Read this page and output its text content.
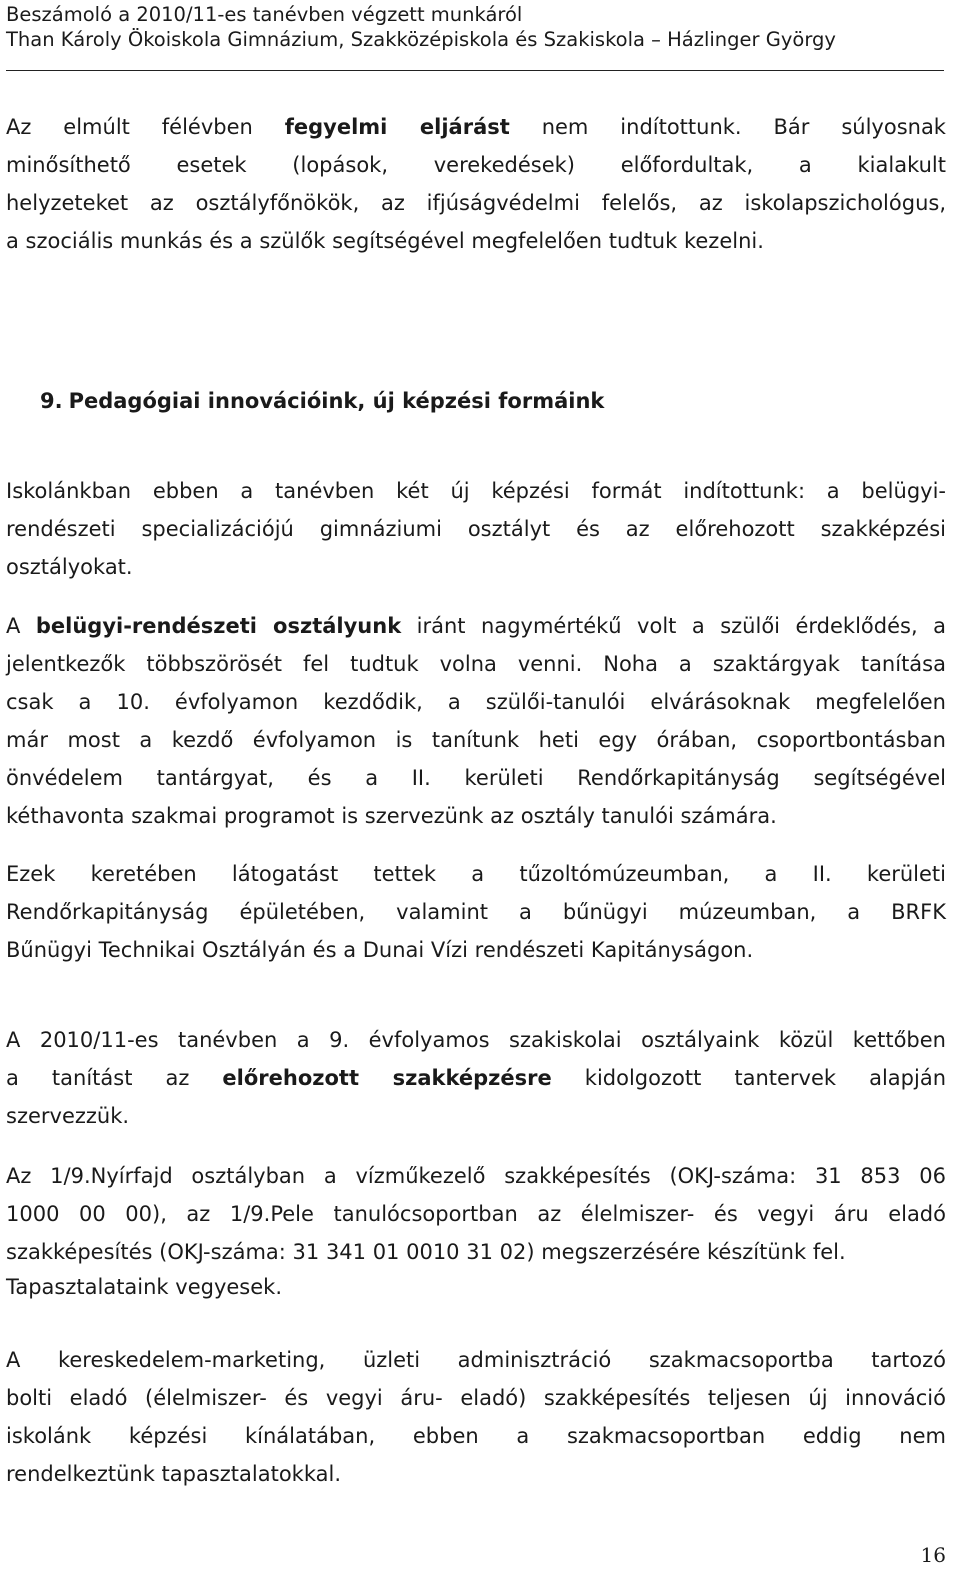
Beszámoló a 2010/11-es tanévben végzett munkáról
Than Károly Ökoiskola Gimnázium, Szakközépiskola és Szakiskola – Házlinger György

Az elmúlt félévben fegyelmi eljárást nem indítottunk. Bár súlyosnak

minősíthető esetek (lopások, verekedések) előfordultak, a kialakult

helyzeteket az osztályfőnökök, az ifjúságvédelmi felelős, az iskolapszichológus,

a szociális munkás és a szülők segítségével megfelelően tudtuk kezelni.

9. Pedagógiai innovációink, új képzési formáink

Iskolánkban ebben a tanévben két új képzési formát indítottunk: a belügyi-

rendészeti specializációjú gimnáziumi osztályt és az előrehozott szakképzési

osztályokat.

A belügyi-rendészeti osztályunk iránt nagymértékű volt a szülői érdeklődés, a

jelentkezők többszörösét fel tudtuk volna venni. Noha a szaktárgyak tanítása

csak a 10. évfolyamon kezdődik, a szülői-tanulói elvárásoknak megfelelően

már most a kezdő évfolyamon is tanítunk heti egy órában, csoportbontásban

önvédelem tantárgyat, és a II. kerületi Rendőrkapitányság segítségével

kéthavonta szakmai programot is szervezünk az osztály tanulói számára.

Ezek keretében látogatást tettek a tűzoltómúzeumban, a II. kerületi

Rendőrkapitányság épületében, valamint a bűnügyi múzeumban, a BRFK

Bűnügyi Technikai Osztályán és a Dunai Vízi rendészeti Kapitányságon.

A 2010/11-es tanévben a 9. évfolyamos szakiskolai osztályaink közül kettőben

a tanítást az előrehozott szakképzésre kidolgozott tantervek alapján

szervezzük.

Az 1/9.Nyírfajd osztályban a vízműkezelő szakképesítés (OKJ-száma: 31 853 06

1000 00 00), az 1/9.Pele tanulócsoportban az élelmiszer- és vegyi áru eladó

szakképesítés (OKJ-száma: 31 341 01 0010 31 02) megszerzésére készítünk fel.

Tapasztalataink vegyesek.

A kereskedelem-marketing, üzleti adminisztráció szakmacsoportba tartozó

bolti eladó (élelmiszer- és vegyi áru- eladó) szakképesítés teljesen új innováció

iskolánk képzési kínálatában, ebben a szakmacsoportban eddig nem

rendelkeztünk tapasztalatokkal.

16
